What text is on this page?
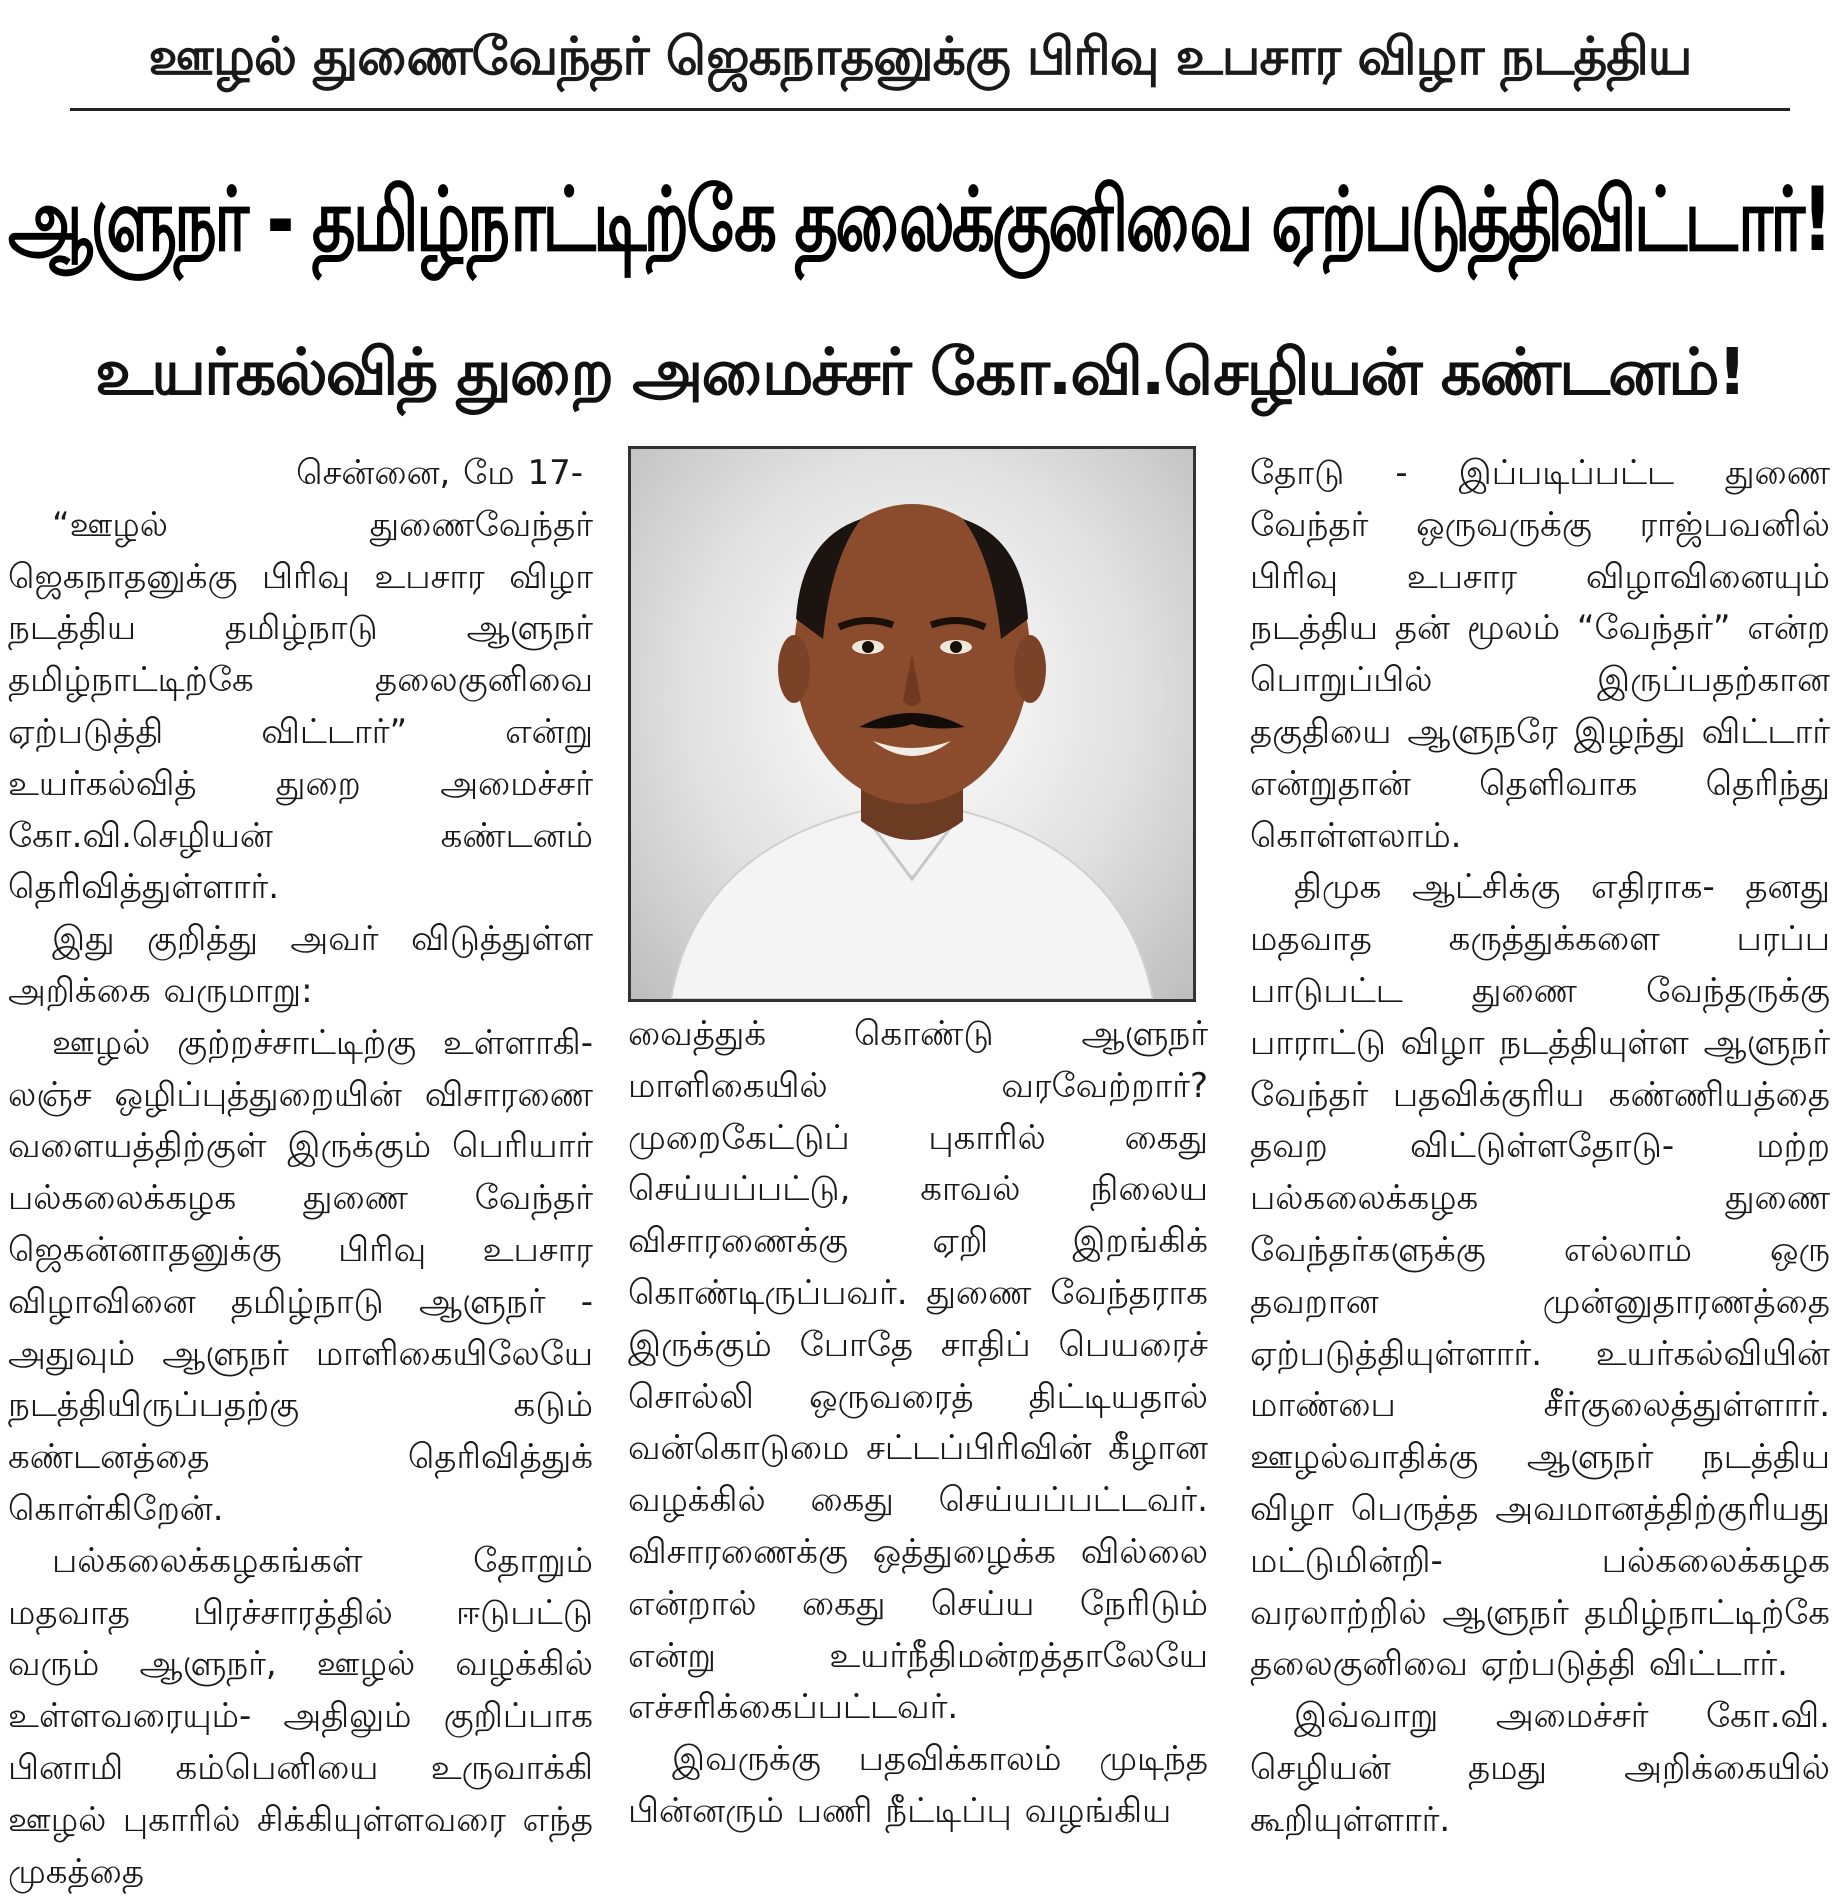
ஊழல் துணைவேந்தர் ஜெகநாதனுக்கு பிரிவு உபசார விழா நடத்திய
ஆளுநர் - தமிழ்நாட்டிற்கே தலைக்குனிவை ஏற்படுத்திவிட்டார்!
உயர்கல்வித் துறை அமைச்சர் கோ.வி.செழியன் கண்டனம்!

சென்னை, மே 17-

“ஊழல் துணைவேந்தர் ஜெகநாதனுக்கு பிரிவு உபசார விழா நடத்திய தமிழ்நாடு ஆளுநர் தமிழ்நாட்டிற்கே தலைகுனிவை ஏற்படுத்தி விட்டார்” என்று உயர்கல்வித் துறை அமைச்சர் கோ.வி.செழியன் கண்டனம் தெரிவித்துள்ளார்.

இது குறித்து அவர் விடுத்துள்ள அறிக்கை வருமாறு:

ஊழல் குற்றச்சாட்டிற்கு உள்ளாகி- லஞ்ச ஒழிப்புத்துறையின் விசாரணை வளையத்திற்குள் இருக்கும் பெரியார் பல்கலைக்கழக துணை வேந்தர் ஜெகன்னாதனுக்கு பிரிவு உபசார விழாவினை தமிழ்நாடு ஆளுநர் - அதுவும் ஆளுநர் மாளிகையிலேயே நடத்தியிருப்பதற்கு கடும் கண்டனத்தை தெரிவித்துக் கொள்கிறேன்.

பல்கலைக்கழகங்கள் தோறும் மதவாத பிரச்சாரத்தில் ஈடுபட்டு வரும் ஆளுநர், ஊழல் வழக்கில் உள்ளவரையும்- அதிலும் குறிப்பாக பினாமி கம்பெனியை உருவாக்கி ஊழல் புகாரில் சிக்கியுள்ளவரை எந்த முகத்தை

வைத்துக் கொண்டு ஆளுநர் மாளிகையில் வரவேற்றார்? முறைகேட்டுப் புகாரில் கைது செய்யப்பட்டு, காவல் நிலைய விசாரணைக்கு ஏறி இறங்கிக் கொண்டிருப்பவர். துணை வேந்தராக இருக்கும் போதே சாதிப் பெயரைச் சொல்லி ஒருவரைத் திட்டியதால் வன்கொடுமை சட்டப்பிரிவின் கீழான வழக்கில் கைது செய்யப்பட்டவர். விசாரணைக்கு ஒத்துழைக்க வில்லை என்றால் கைது செய்ய நேரிடும் என்று உயர்நீதிமன்றத்தாலேயே எச்சரிக்கைப்பட்டவர்.

இவருக்கு பதவிக்காலம் முடிந்த பின்னரும் பணி நீட்டிப்பு வழங்கிய

தோடு - இப்படிப்பட்ட துணை வேந்தர் ஒருவருக்கு ராஜ்பவனில் பிரிவு உபசார விழாவினையும் நடத்திய தன் மூலம் “வேந்தர்” என்ற பொறுப்பில் இருப்பதற்கான தகுதியை ஆளுநரே இழந்து விட்டார் என்றுதான் தெளிவாக தெரிந்து கொள்ளலாம்.

திமுக ஆட்சிக்கு எதிராக- தனது மதவாத கருத்துக்களை பரப்ப பாடுபட்ட துணை வேந்தருக்கு பாராட்டு விழா நடத்தியுள்ள ஆளுநர் வேந்தர் பதவிக்குரிய கண்ணியத்தை தவற விட்டுள்ளதோடு- மற்ற பல்கலைக்கழக துணை வேந்தர்களுக்கு எல்லாம் ஒரு தவறான முன்னுதாரணத்தை ஏற்படுத்தியுள்ளார். உயர்கல்வியின் மாண்பை சீர்குலைத்துள்ளார். ஊழல்வாதிக்கு ஆளுநர் நடத்திய விழா பெருத்த அவமானத்திற்குரியது மட்டுமின்றி- பல்கலைக்கழக வரலாற்றில் ஆளுநர் தமிழ்நாட்டிற்கே தலைகுனிவை ஏற்படுத்தி விட்டார்.

இவ்வாறு அமைச்சர் கோ.வி. செழியன் தமது அறிக்கையில் கூறியுள்ளார்.
